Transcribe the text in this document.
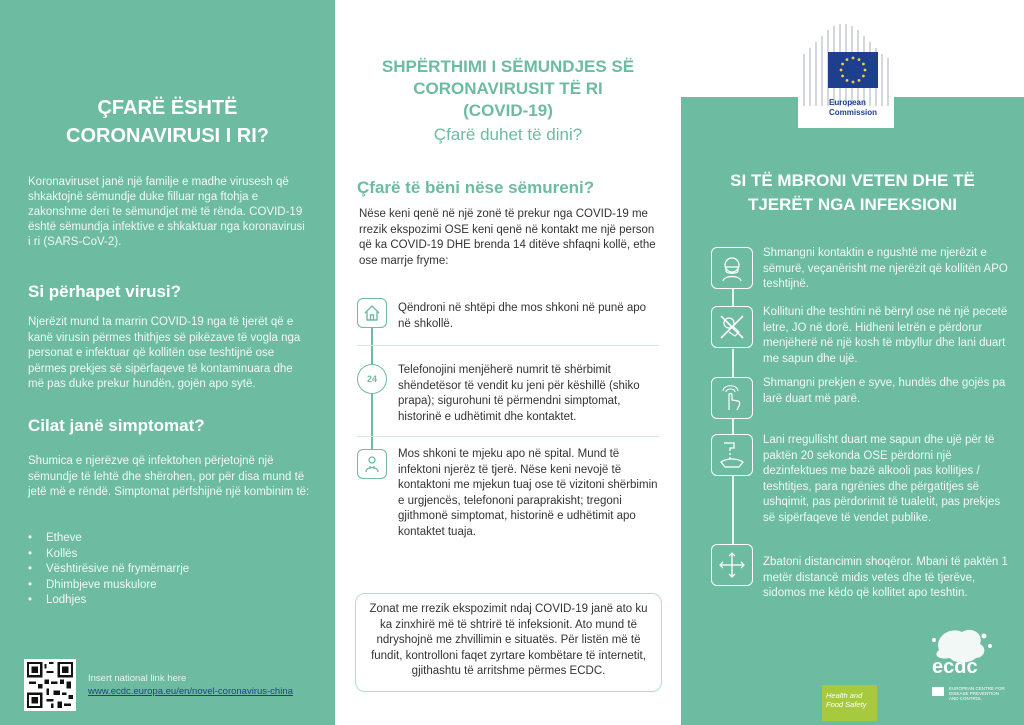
ÇFARË ËSHTË
CORONAVIRUSI I RI?

Koronaviruset janë një familje e madhe virusesh që shkaktojnë sëmundje duke filluar nga ftohja e zakonshme deri te sëmundjet më të rënda. COVID-19 është sëmundja infektive e shkaktuar nga koronavirusi i ri (SARS-CoV-2).

Si përhapet virusi?

Njerëzit mund ta marrin COVID-19 nga të tjerët që e kanë virusin përmes thithjes së pikëzave të vogla nga personat e infektuar që kollitën ose teshtijnë ose përmes prekjes së sipërfaqeve të kontaminuara dhe më pas duke prekur hundën, gojën apo sytë.

Cilat janë simptomat?

Shumica e njerëzve që infektohen përjetojnë një sëmundje të lehtë dhe shërohen, por për disa mund të jetë më e rëndë. Simptomat përfshijnë një kombinim të:

• Etheve
• Kollës
• Vështirësive në frymëmarrje
• Dhimbjeve muskulore
• Lodhjes
Insert national link here
www.ecdc.europa.eu/en/novel-coronavirus-china
SHPËRTHIMI I SËMUNDJES SË
CORONAVIRUSIT TË RI
(COVID-19)
Çfarë duhet të dini?
Çfarë të bëni nëse sëmureni?

Nëse keni qenë në një zonë të prekur nga COVID-19 me rrezik ekspozimi OSE keni qenë në kontakt me një person që ka COVID-19 DHE brenda 14 ditëve shfaqni kollë, ethe ose marrje fryme:

Qëndroni në shtëpi dhe mos shkoni në punë apo në shkollë.

24

Telefonojini menjëherë numrit të shërbimit shëndetësor të vendit ku jeni për këshillë (shiko prapa); sigurohuni të përmendni simptomat, historinë e udhëtimit dhe kontaktet.

Mos shkoni te mjeku apo në spital. Mund të infektoni njerëz të tjerë. Nëse keni nevojë të kontaktoni me mjekun tuaj ose të vizitoni shërbimin e urgjencës, telefononi paraprakisht; tregoni gjithmonë simptomat, historinë e udhëtimit apo kontaktet tuaja.

Zonat me rrezik ekspozimit ndaj COVID-19 janë ato ku ka zinxhirë më të shtrirë të infeksionit. Ato mund të ndryshojnë me zhvillimin e situatës. Për listën më të fundit, kontrolloni faqet zyrtare kombëtare të internetit, gjithashtu të arritshme përmes ECDC.
European
Commission
SI TË MBRONI VETEN DHE TË
TJERËT NGA INFEKSIONI

Shmangni kontaktin e ngushtë me njerëzit e sëmurë, veçanërisht me njerëzit që kollitën APO teshtijnë.

Kollituni dhe teshtini në bërryl ose në një pecetë letre, JO në dorë. Hidheni letrën e përdorur menjëherë në një kosh të mbyllur dhe lani duart me sapun dhe ujë.

Shmangni prekjen e syve, hundës dhe gojës pa larë duart më parë.

Lani rregullisht duart me sapun dhe ujë për të paktën 20 sekonda OSE përdorni një dezinfektues me bazë alkooli pas kollitjes / teshtitjes, para ngrënies dhe përgatitjes së ushqimit, pas përdorimit të tualetit, pas prekjes së sipërfaqeve të vendet publike.

Zbatoni distancimin shoqëror. Mbani të paktën 1 metër distancë midis vetes dhe të tjerëve, sidomos me këdo që kollitet apo teshtin.

Health and
Food Safety
ecdc
EUROPEAN CENTRE FOR DISEASE PREVENTION AND CONTROL
